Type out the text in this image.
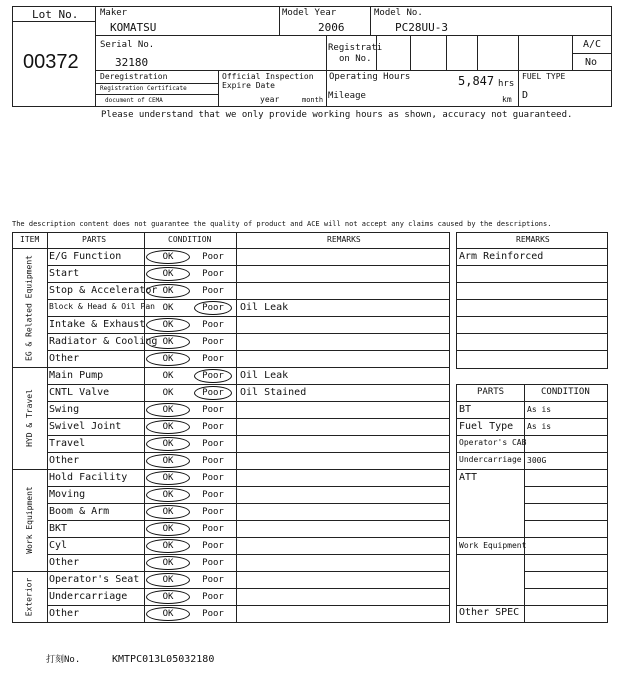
Lot No.
00372
Maker
KOMATSU
Model Year
2006
Model No.
PC28UU-3
Serial No.
32180
Registrati
on No.
A/C
No
Deregistration
Registration Certificate
document of CEMA
Official Inspection
Expire Date
year	month
Operating Hours	5,847 hrs
Mileage	km
FUEL TYPE
D
Please understand that we only provide working hours as shown, accuracy not guaranteed.
The description content does not guarantee the quality of product and ACE will not accept any claims caused by the descriptions.
ITEM	PARTS	CONDITION	REMARKS
EG & Related Equipment E/G Function	OK	Poor
Start	OK	Poor
Stop & Accelerator OK	Poor
Block & Head & Oil Pan OK	Poor	Oil Leak
Intake & Exhaust	OK	Poor
Radiator & Cooling OK	Poor
Other	OK	Poor
HYD & Travel
Main Pump	OK	Poor	Oil Leak
CNTL Valve	OK	Poor	Oil Stained
Swing	OK	Poor
Swivel Joint	OK	Poor
Travel	OK	Poor
Other	OK	Poor
Work Equipment
Hold Facility	OK	Poor
Moving	OK	Poor
Boom & Arm	OK	Poor
BKT	OK	Poor
Cyl	OK	Poor
Other	OK	Poor
Exterior Operator's Seat	OK	Poor
Undercarriage	OK	Poor
Other	OK	Poor
REMARKS
Arm Reinforced
PARTS	CONDITION
BT	As is
Fuel Type As is
Operator's CAB
Undercarriage 300G
ATT
Work Equipment
Other SPEC
打刻No.	KMTPC013L05032180
